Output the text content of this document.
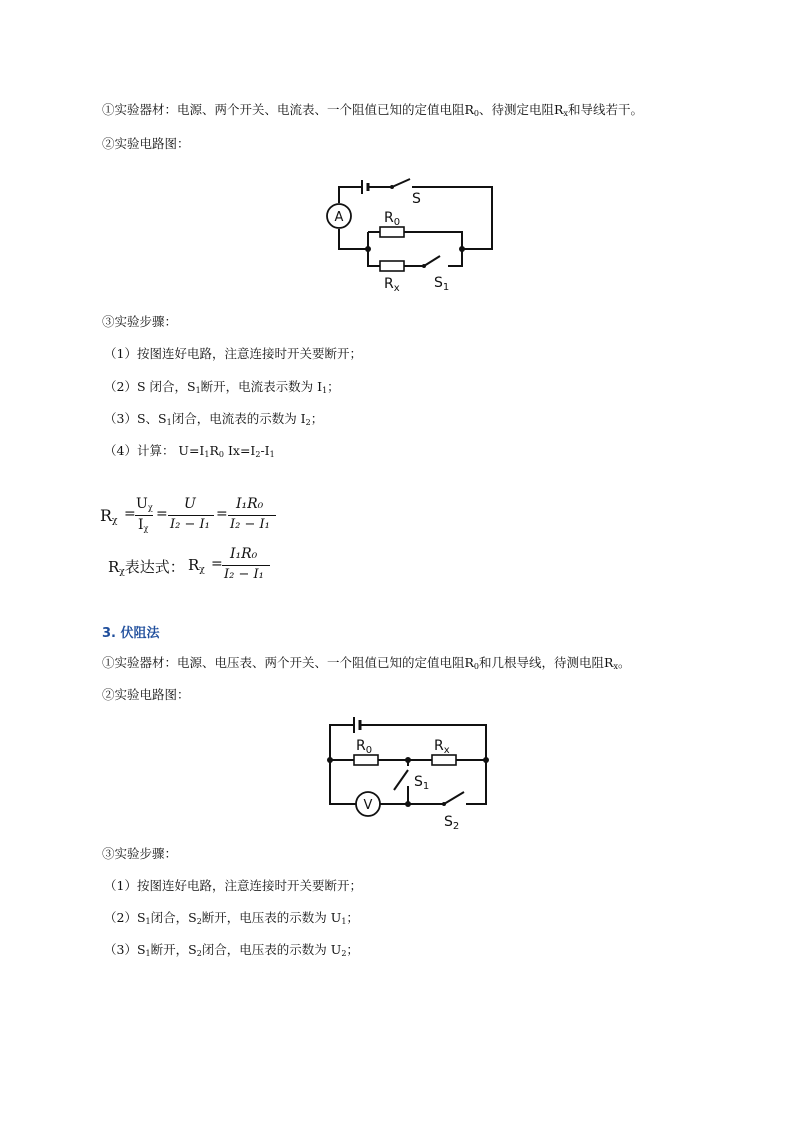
①实验器材：电源、两个开关、电流表、一个阻值已知的定值电阻$R_0$、待测定电阻$R_x$和导线若干。
②实验电路图：
A
S
$R_0$
$R_x$ $S_1$
③实验步骤：
（1）按图连好电路，注意连接时开关要断开；
（2）S 闭合，$S_1$断开，电流表示数为 $I_1$；
（3）S、$S_1$闭合，电流表的示数为 $I_2$；
（4）计算： $U=I_1R_0$ $Ix=I_2-I_1$
$R_\chi$ =
$U_\chi$
$I_\chi$
=
U
I₂ − I₁
=
I₁R₀
I₂ − I₁
$R_\chi$表达式： $R_\chi$ =
I₁R₀
I₂ − I₁
3. 伏阻法
①实验器材：电源、电压表、两个开关、一个阻值已知的定值电阻$R_0$和几根导线，待测电阻$R_x$。
②实验电路图：
V
$R_0$	$R_x$
$S_1$
$S_2$
③实验步骤：
（1）按图连好电路，注意连接时开关要断开；
$(2)S_1$闭合，$S_2$断开，电压表的示数为 $U_1$；
$(3)S_1$断开，$S_2$闭合，电压表的示数为 $U_2$；
